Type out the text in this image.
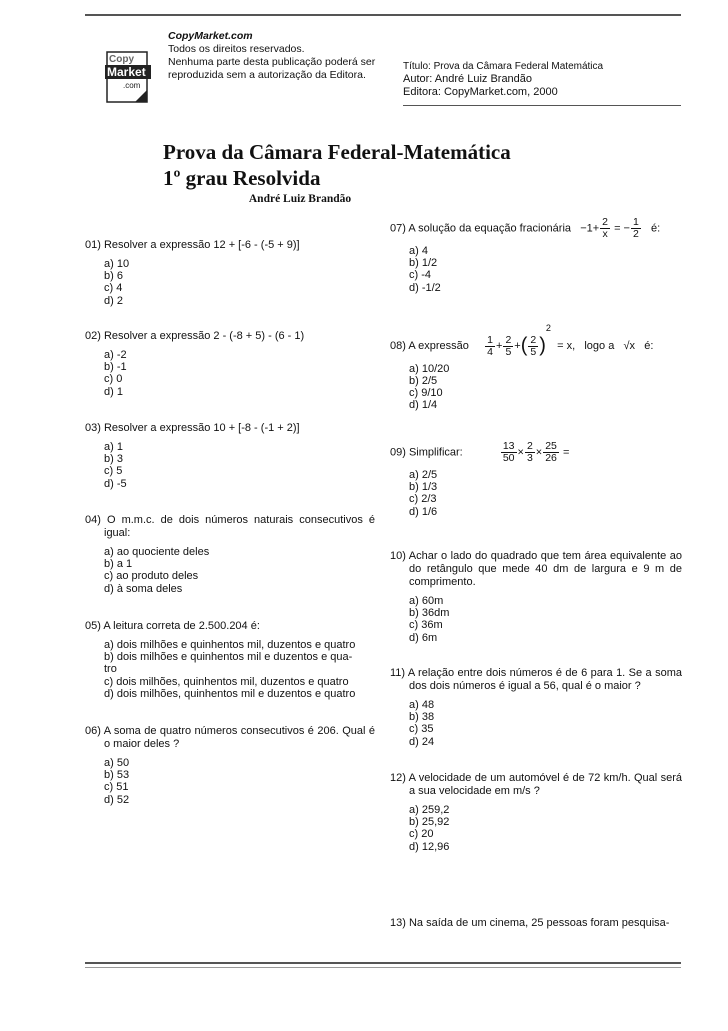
Copy
Market
.com
CopyMarket.com
Todos os direitos reservados.
Nenhuma parte desta publicação poderá ser
reproduzida sem a autorização da Editora.
Título: Prova da Câmara Federal Matemática
Autor: André Luiz Brandão
Editora: CopyMarket.com, 2000
Prova da Câmara Federal-Matemática
1º grau Resolvida
André Luiz Brandão
01) Resolver a expressão 12 + [-6 - (-5 + 9)]
a) 10
b) 6
c) 4
d) 2
02) Resolver a expressão 2 - (-8 + 5) - (6 - 1)
a) -2
b) -1
c) 0
d) 1
03) Resolver a expressão 10 + [-8 - (-1 + 2)]
a) 1
b) 3
c) 5
d) -5
04) O m.m.c. de dois números naturais consecutivos é igual:
a) ao quociente deles
b) a 1
c) ao produto deles
d) à soma deles
05) A leitura correta de 2.500.204 é:
a) dois milhões e quinhentos mil, duzentos e quatro
b) dois milhões e quinhentos mil e duzentos e qua-
tro
c) dois milhões, quinhentos mil, duzentos e quatro
d) dois milhões, quinhentos mil e duzentos e quatro
06) A soma de quatro números consecutivos é 206. Qual é o maior deles ?
a) 50
b) 53
c) 51
d) 52
07) A solução da equação fracionária $-1+ \frac{2}{x}$ = − $\frac{1}{2}$ é:
a) 4
b) 1/2
c) -4
d) -1/2
08) A expressão $\frac{1}{4} + \frac{2}{5}$ +( $\frac{2}{5} )^2 = x$, logo a √x é:
a) 10/20
b) 2/5
c) 9/10
d) 1/4
09) Simplificar:	$\frac{13}{50} \times \frac{2}{3} \times \frac{25}{26}$ =
a) 2/5
b) 1/3
c) 2/3
d) 1/6
10) Achar o lado do quadrado que tem área equivalente ao do retângulo que mede 40 dm de largura e 9 m de comprimento.
a) 60m
b) 36dm
c) 36m
d) 6m
11) A relação entre dois números é de 6 para 1. Se a soma dos dois números é igual a 56, qual é o maior ?
a) 48
b) 38
c) 35
d) 24
12) A velocidade de um automóvel é de 72 km/h. Qual será a sua velocidade em m/s ?
a) 259,2
b) 25,92
c) 20
d) 12,96
13) Na saída de um cinema, 25 pessoas foram pesquisa-
